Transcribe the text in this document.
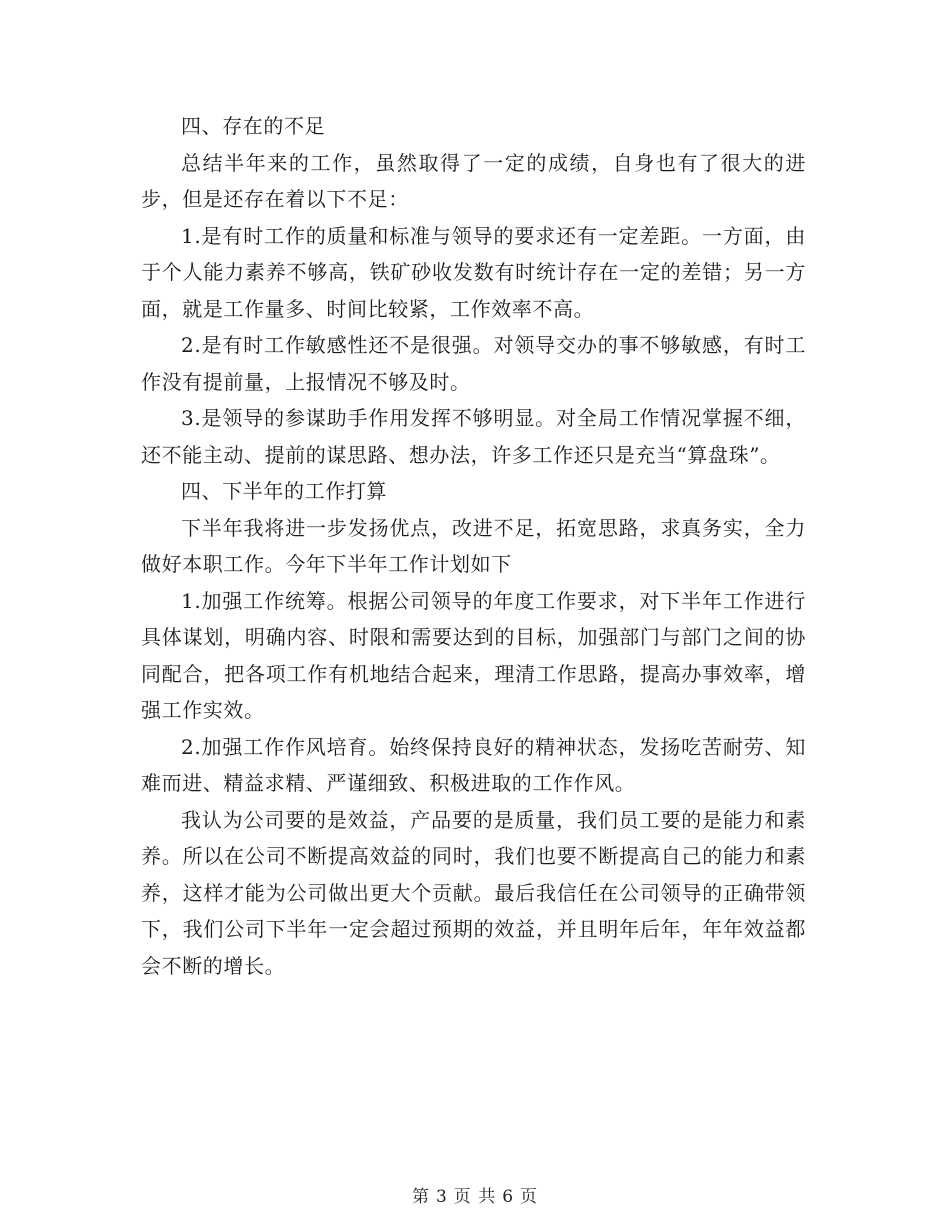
四、存在的不足

总结半年来的工作，虽然取得了一定的成绩，自身也有了很大的进步，但是还存在着以下不足：

1.是有时工作的质量和标准与领导的要求还有一定差距。一方面，由于个人能力素养不够高，铁矿砂收发数有时统计存在一定的差错；另一方面，就是工作量多、时间比较紧，工作效率不高。

2.是有时工作敏感性还不是很强。对领导交办的事不够敏感，有时工作没有提前量，上报情况不够及时。

3.是领导的参谋助手作用发挥不够明显。对全局工作情况掌握不细，还不能主动、提前的谋思路、想办法，许多工作还只是充当“算盘珠”。

四、下半年的工作打算

下半年我将进一步发扬优点，改进不足，拓宽思路，求真务实，全力做好本职工作。今年下半年工作计划如下

1.加强工作统筹。根据公司领导的年度工作要求，对下半年工作进行具体谋划，明确内容、时限和需要达到的目标，加强部门与部门之间的协同配合，把各项工作有机地结合起来，理清工作思路，提高办事效率，增强工作实效。

2.加强工作作风培育。始终保持良好的精神状态，发扬吃苦耐劳、知难而进、精益求精、严谨细致、积极进取的工作作风。

我认为公司要的是效益，产品要的是质量，我们员工要的是能力和素养。所以在公司不断提高效益的同时，我们也要不断提高自己的能力和素养，这样才能为公司做出更大个贡献。最后我信任在公司领导的正确带领下，我们公司下半年一定会超过预期的效益，并且明年后年，年年效益都会不断的增长。

第 3 页 共 6 页
